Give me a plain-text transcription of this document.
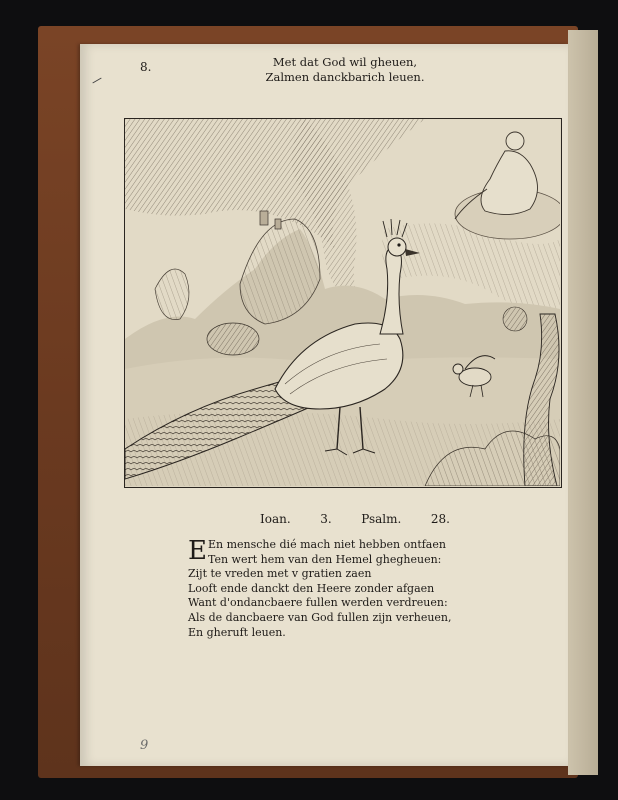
8.	Met dat God wil gheuen,
Zalmen danckbarich leuen.
Ioan. 3. Psalm. 28.
E En mensche dié mach niet hebben ontfaen
Ten wert hem van den Hemel ghegheuen:
Zijt te vreden met v gratien zaen
Looft ende danckt den Heere zonder afgaen
Want d'ondancbaere fullen werden verdreuen:
Als de dancbaere van God fullen zijn verheuen,
En gheruft leuen.
9
